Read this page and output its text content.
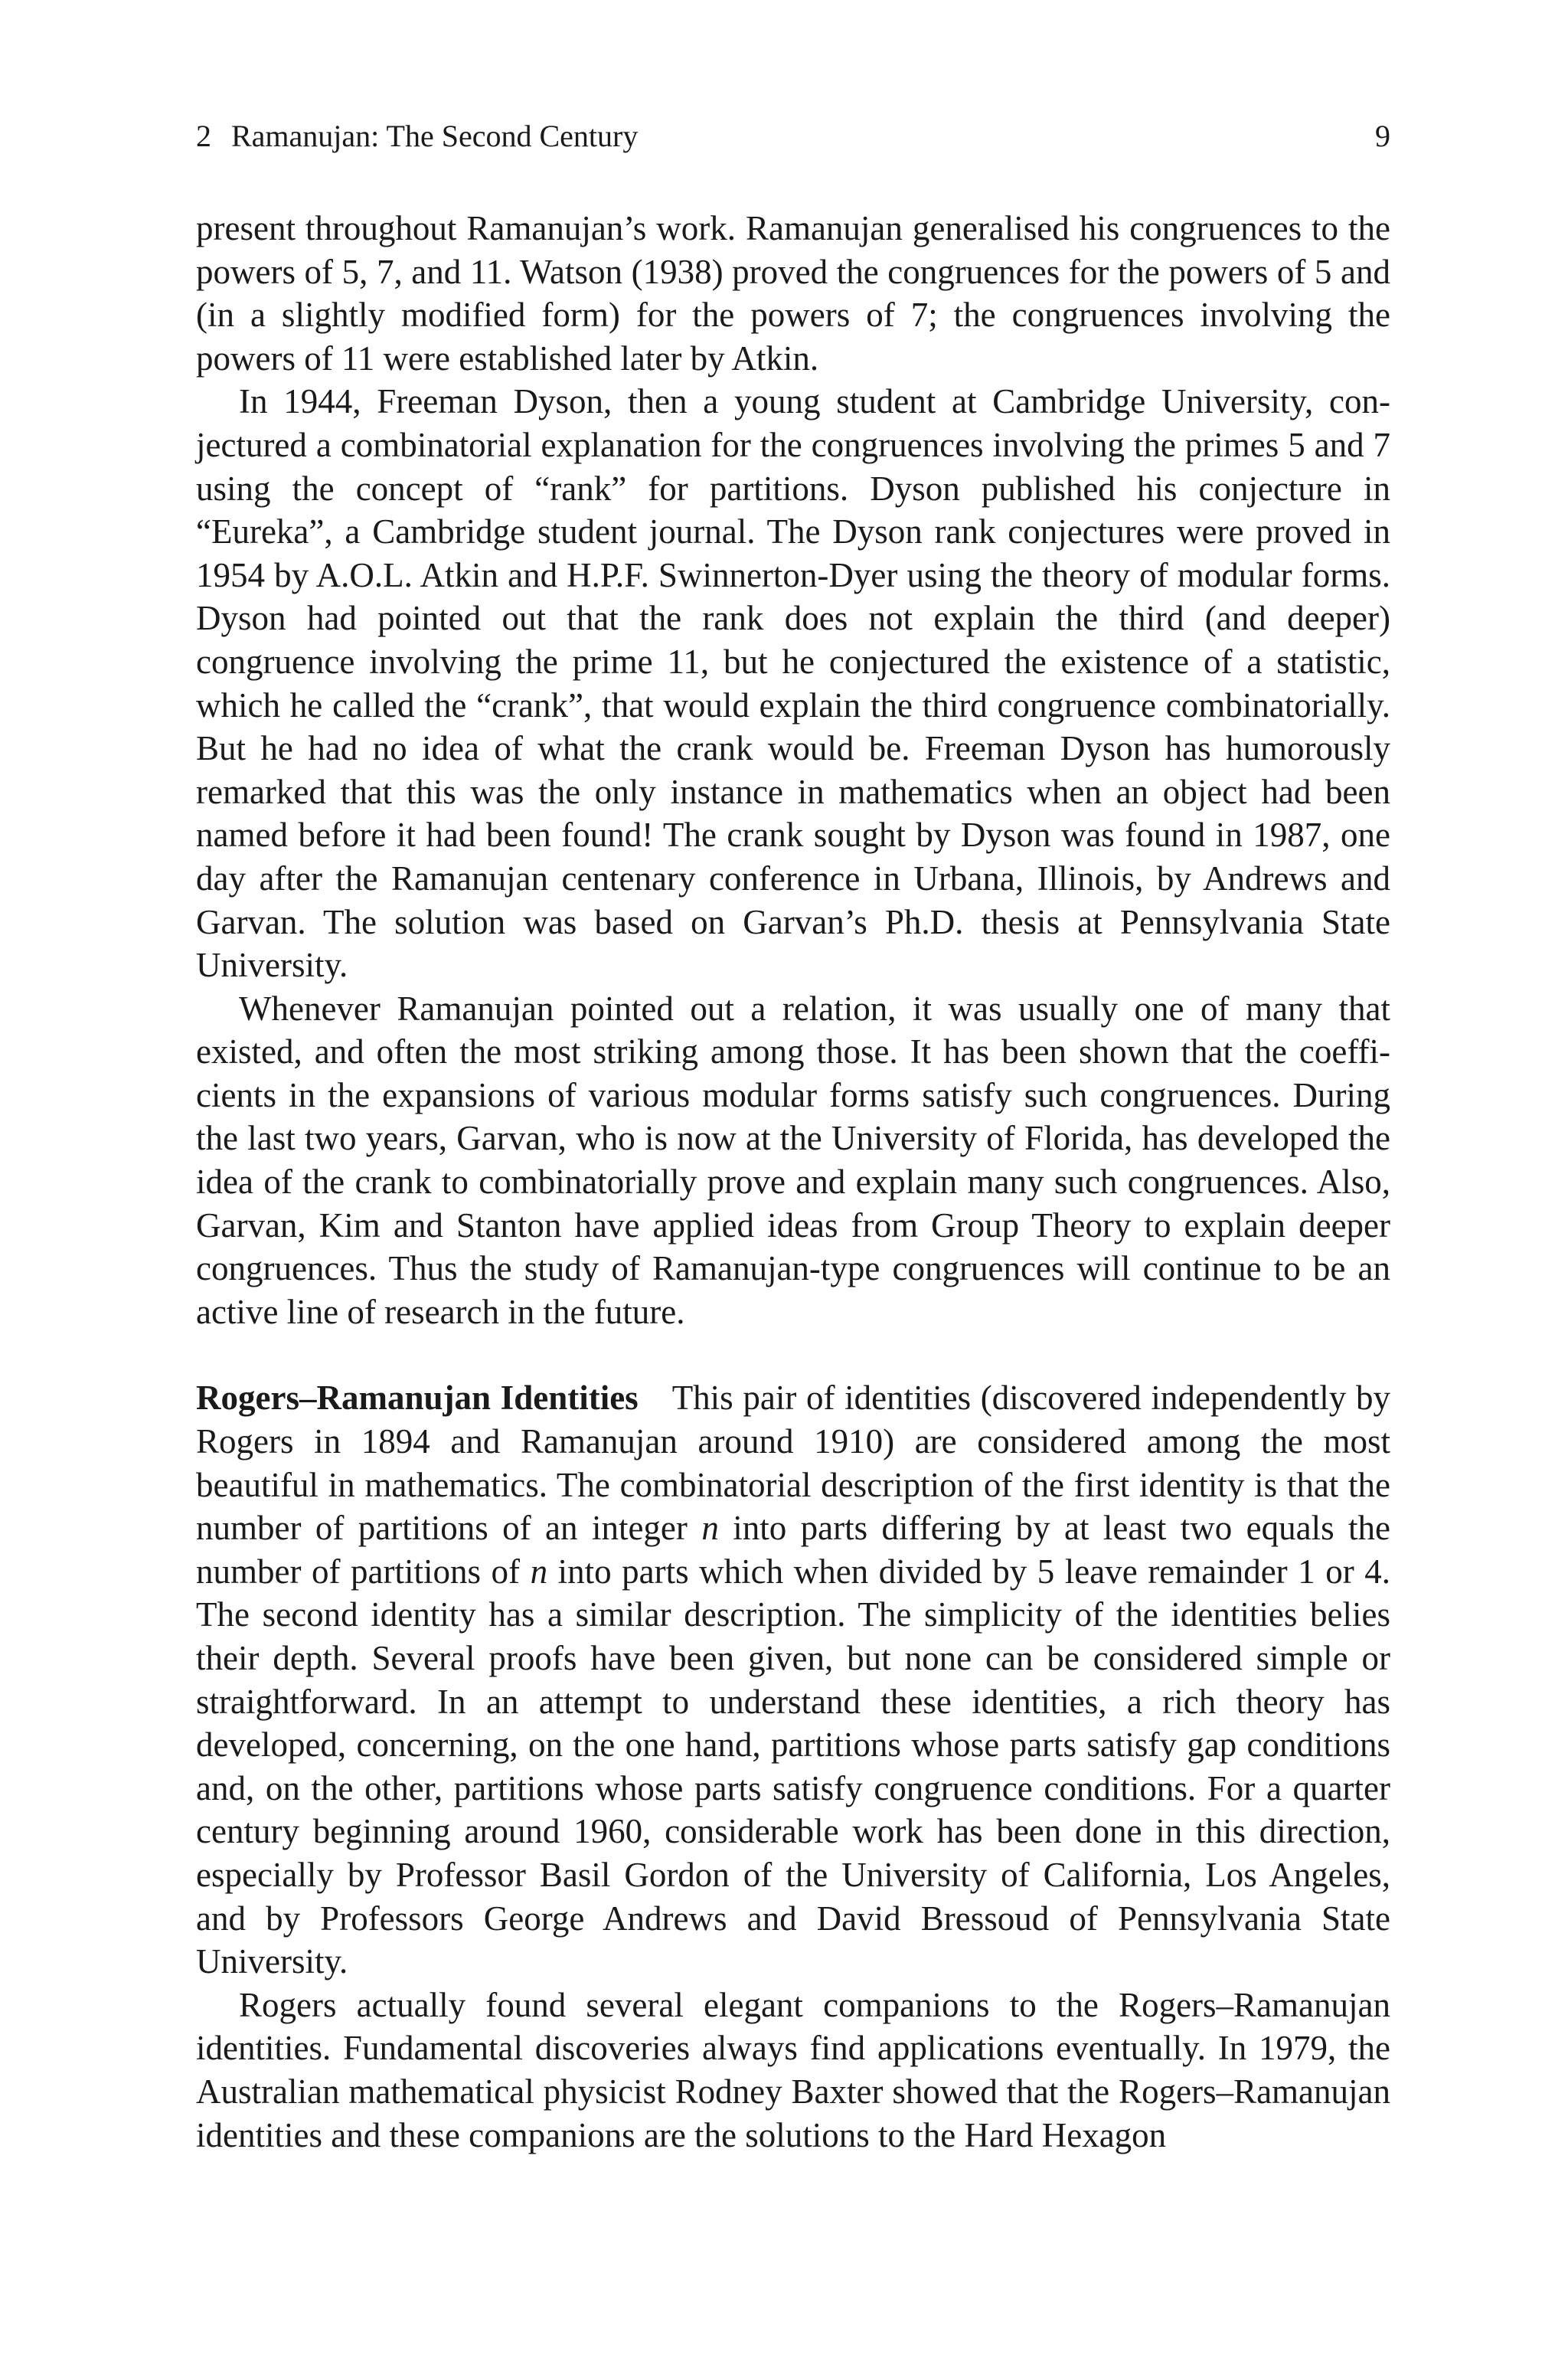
2 Ramanujan: The Second Century	9

present throughout Ramanujan’s work. Ramanujan generalised his congruences to the powers of 5, 7, and 11. Watson (1938) proved the congruences for the powers of 5 and (in a slightly modified form) for the powers of 7; the congruences involving the powers of 11 were established later by Atkin.

In 1944, Freeman Dyson, then a young student at Cambridge University, conjectured a combinatorial explanation for the congruences involving the primes 5 and 7 using the concept of “rank” for partitions. Dyson published his conjecture in “Eureka”, a Cambridge student journal. The Dyson rank conjectures were proved in 1954 by A.O.L. Atkin and H.P.F. Swinnerton-Dyer using the theory of modular forms. Dyson had pointed out that the rank does not explain the third (and deeper) congruence involving the prime 11, but he conjectured the existence of a statistic, which he called the “crank”, that would explain the third congruence combinatorially. But he had no idea of what the crank would be. Freeman Dyson has humorously remarked that this was the only instance in mathematics when an object had been named before it had been found! The crank sought by Dyson was found in 1987, one day after the Ramanujan centenary conference in Urbana, Illinois, by Andrews and Garvan. The solution was based on Garvan’s Ph.D. thesis at Pennsylvania State University.

Whenever Ramanujan pointed out a relation, it was usually one of many that existed, and often the most striking among those. It has been shown that the coefficients in the expansions of various modular forms satisfy such congruences. During the last two years, Garvan, who is now at the University of Florida, has developed the idea of the crank to combinatorially prove and explain many such congruences. Also, Garvan, Kim and Stanton have applied ideas from Group Theory to explain deeper congruences. Thus the study of Ramanujan-type congruences will continue to be an active line of research in the future.

Rogers–Ramanujan Identities This pair of identities (discovered independently by Rogers in 1894 and Ramanujan around 1910) are considered among the most beautiful in mathematics. The combinatorial description of the first identity is that the number of partitions of an integer n into parts differing by at least two equals the number of partitions of n into parts which when divided by 5 leave remainder 1 or 4. The second identity has a similar description. The simplicity of the identities belies their depth. Several proofs have been given, but none can be considered simple or straightforward. In an attempt to understand these identities, a rich theory has developed, concerning, on the one hand, partitions whose parts satisfy gap conditions and, on the other, partitions whose parts satisfy congruence conditions. For a quarter century beginning around 1960, considerable work has been done in this direction, especially by Professor Basil Gordon of the University of California, Los Angeles, and by Professors George Andrews and David Bressoud of Pennsylvania State University.

Rogers actually found several elegant companions to the Rogers–Ramanujan identities. Fundamental discoveries always find applications eventually. In 1979, the Australian mathematical physicist Rodney Baxter showed that the Rogers–Ramanujan identities and these companions are the solutions to the Hard Hexagon
